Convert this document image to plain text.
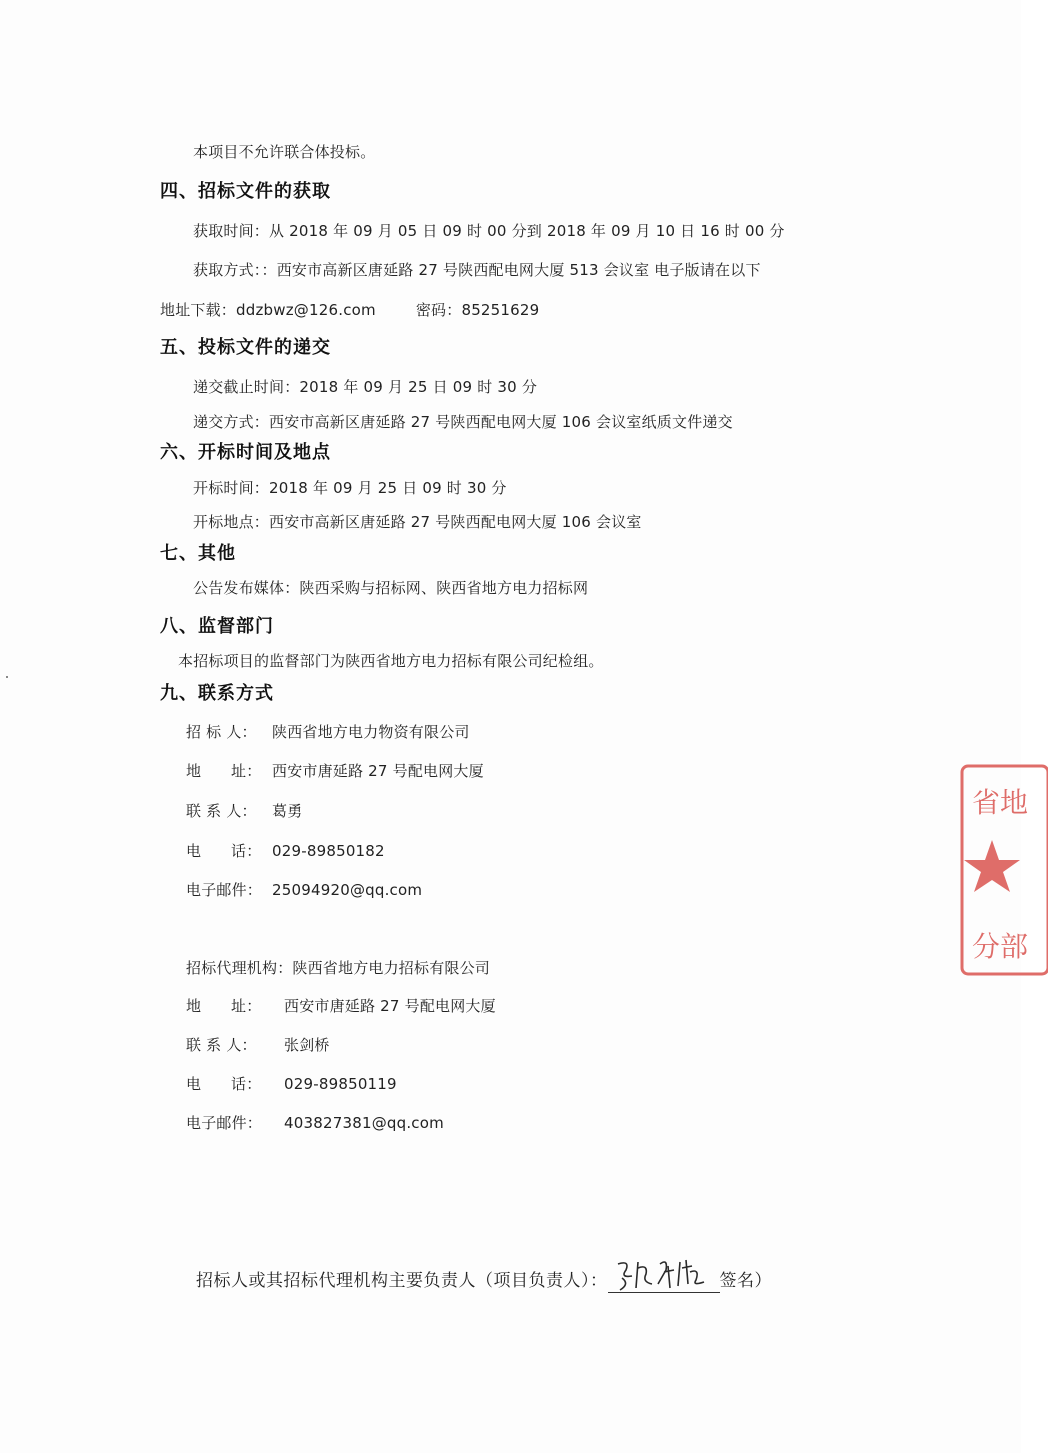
本项目不允许联合体投标。
四、招标文件的获取
获取时间：从 2018 年 09 月 05 日 09 时 00 分到 2018 年 09 月 10 日 16 时 00 分
获取方式：：西安市高新区唐延路 27 号陕西配电网大厦 513 会议室 电子版请在以下
地址下载：ddzbwz@126.com	密码：85251629
五、投标文件的递交
递交截止时间：2018 年 09 月 25 日 09 时 30 分
递交方式：西安市高新区唐延路 27 号陕西配电网大厦 106 会议室纸质文件递交
六、开标时间及地点
开标时间：2018 年 09 月 25 日 09 时 30 分
开标地点：西安市高新区唐延路 27 号陕西配电网大厦 106 会议室
七、其他
公告发布媒体：陕西采购与招标网、陕西省地方电力招标网
八、监督部门
本招标项目的监督部门为陕西省地方电力招标有限公司纪检组。
九、联系方式
招 标 人： 陕西省地方电力物资有限公司
地      址： 西安市唐延路 27 号配电网大厦
联 系 人： 葛勇
电      话： 029-89850182
电子邮件： 25094920@qq.com
招标代理机构：陕西省地方电力招标有限公司
地      址： 西安市唐延路 27 号配电网大厦
联 系 人： 张剑桥
电      话： 029-89850119
电子邮件： 403827381@qq.com
招标人或其招标代理机构主要负责人（项目负责人）：	签名）
省地
分部
